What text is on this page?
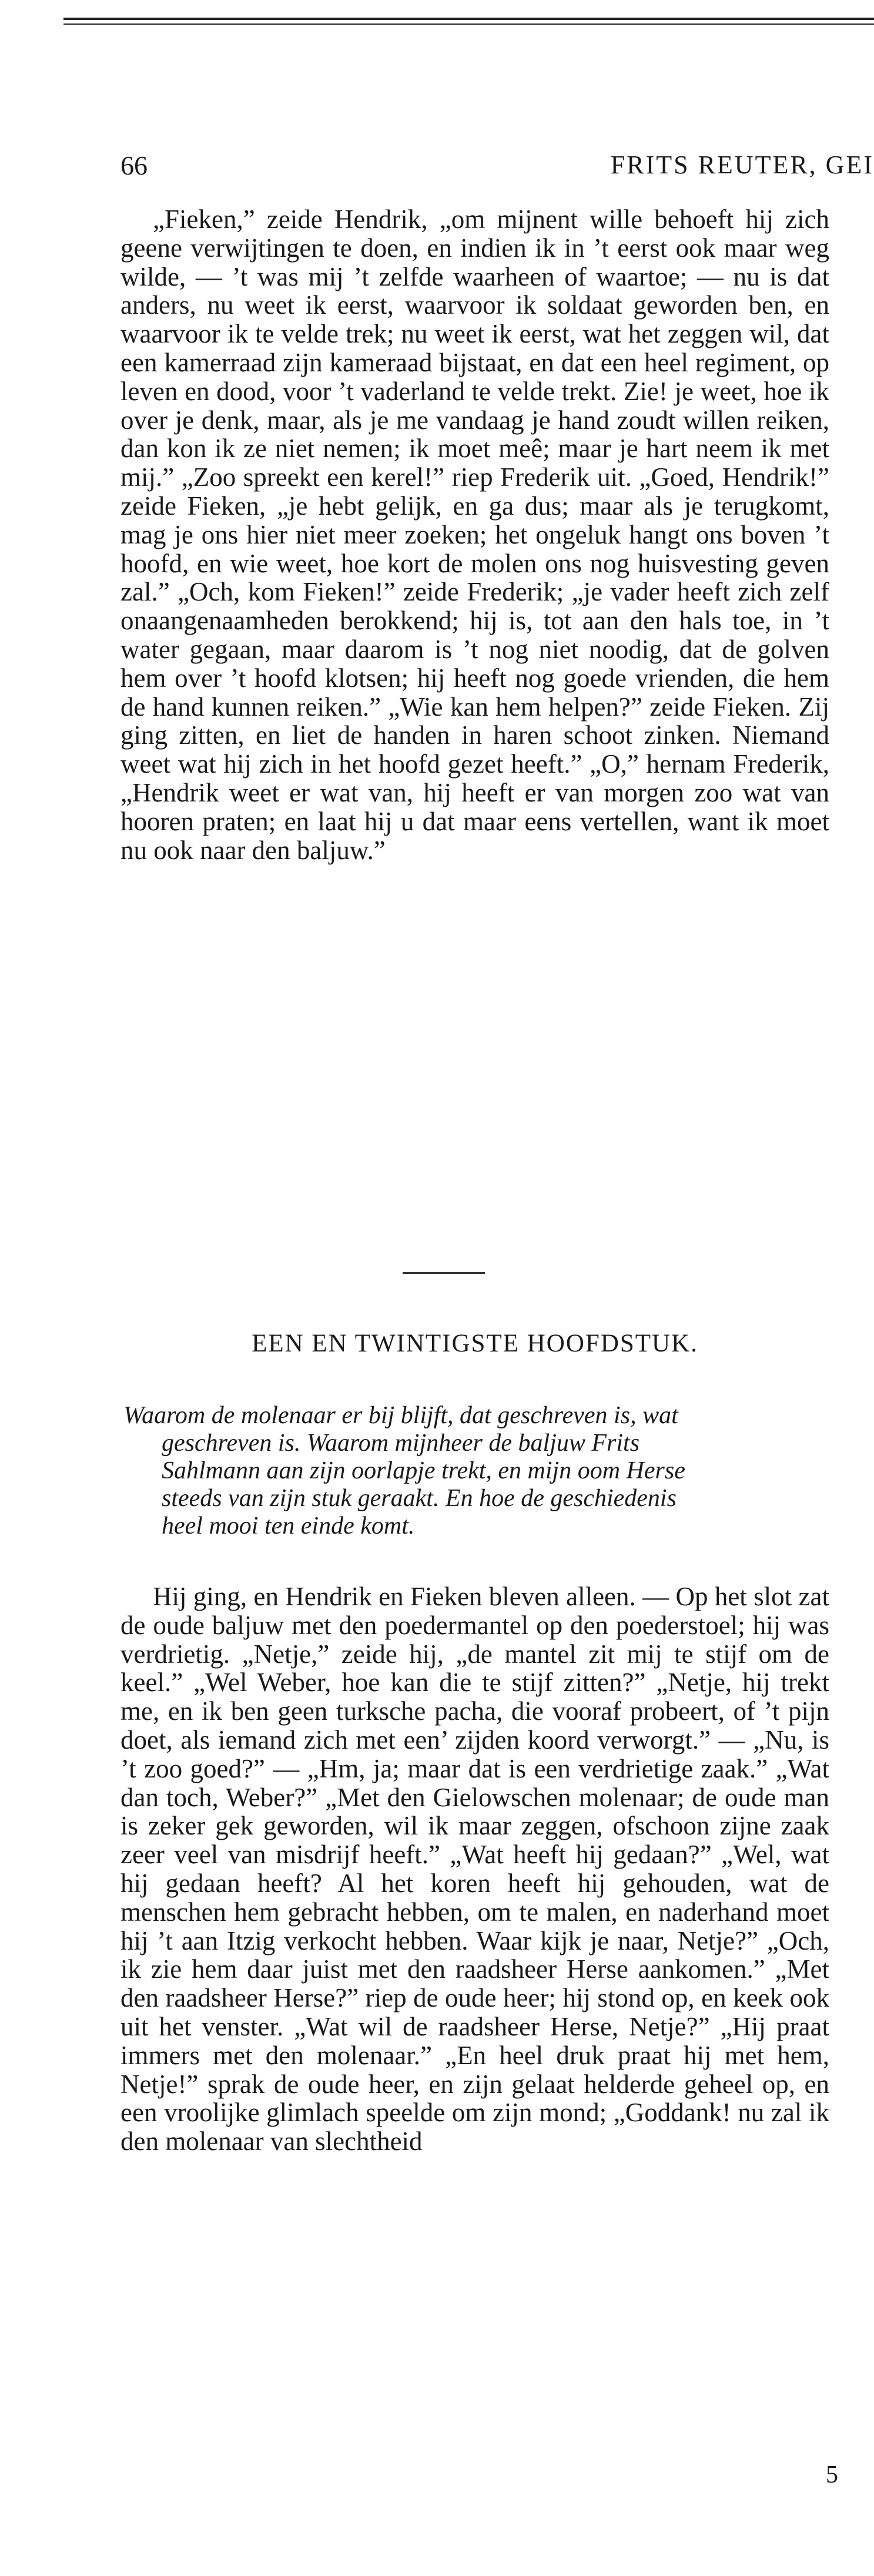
66	FRITS REUTER, GEI

„Fieken,” zeide Hendrik, „om mijnent wille behoeft hij zich geene verwijtingen te doen, en indien ik in ’t eerst ook maar weg wilde, — ’t was mij ’t zelfde waarheen of waartoe; — nu is dat anders, nu weet ik eerst, waarvoor ik soldaat geworden ben, en waarvoor ik te velde trek; nu weet ik eerst, wat het zeggen wil, dat een kamerraad zijn kameraad bijstaat, en dat een heel regiment, op leven en dood, voor ’t vaderland te velde trekt. Zie! je weet, hoe ik over je denk, maar, als je me vandaag je hand zoudt willen reiken, dan kon ik ze niet nemen; ik moet meê; maar je hart neem ik met mij.” „Zoo spreekt een kerel!” riep Frederik uit. „Goed, Hendrik!” zeide Fieken, „je hebt gelijk, en ga dus; maar als je terugkomt, mag je ons hier niet meer zoeken; het ongeluk hangt ons boven ’t hoofd, en wie weet, hoe kort de molen ons nog huisvesting geven zal.” „Och, kom Fieken!” zeide Frederik; „je vader heeft zich zelf onaangenaamheden berokkend; hij is, tot aan den hals toe, in ’t water gegaan, maar daarom is ’t nog niet noodig, dat de golven hem over ’t hoofd klotsen; hij heeft nog goede vrienden, die hem de hand kunnen reiken.” „Wie kan hem helpen?” zeide Fieken. Zij ging zitten, en liet de handen in haren schoot zinken. Niemand weet wat hij zich in het hoofd gezet heeft.” „O,” hernam Frederik, „Hendrik weet er wat van, hij heeft er van morgen zoo wat van hooren praten; en laat hij u dat maar eens vertellen, want ik moet nu ook naar den baljuw.”

EEN EN TWINTIGSTE HOOFDSTUK.
Waarom de molenaar er bij blijft, dat geschreven is, wat
geschreven is. Waarom mijnheer de baljuw Frits
Sahlmann aan zijn oorlapje trekt, en mijn oom Herse
steeds van zijn stuk geraakt. En hoe de geschiedenis
heel mooi ten einde komt.

Hij ging, en Hendrik en Fieken bleven alleen. — Op het slot zat de oude baljuw met den poedermantel op den poederstoel; hij was verdrietig. „Netje,” zeide hij, „de mantel zit mij te stijf om de keel.” „Wel Weber, hoe kan die te stijf zitten?” „Netje, hij trekt me, en ik ben geen turksche pacha, die vooraf probeert, of ’t pijn doet, als iemand zich met een’ zijden koord verworgt.” — „Nu, is ’t zoo goed?” — „Hm, ja; maar dat is een verdrietige zaak.” „Wat dan toch, Weber?” „Met den Gielowschen molenaar; de oude man is zeker gek geworden, wil ik maar zeggen, ofschoon zijne zaak zeer veel van misdrijf heeft.” „Wat heeft hij gedaan?” „Wel, wat hij gedaan heeft? Al het koren heeft hij gehouden, wat de menschen hem gebracht hebben, om te malen, en naderhand moet hij ’t aan Itzig verkocht hebben. Waar kijk je naar, Netje?” „Och, ik zie hem daar juist met den raadsheer Herse aankomen.” „Met den raadsheer Herse?” riep de oude heer; hij stond op, en keek ook uit het venster. „Wat wil de raadsheer Herse, Netje?” „Hij praat immers met den molenaar.” „En heel druk praat hij met hem, Netje!” sprak de oude heer, en zijn gelaat helderde geheel op, en een vroolijke glimlach speelde om zijn mond; „Goddank! nu zal ik den molenaar van slechtheid

5
